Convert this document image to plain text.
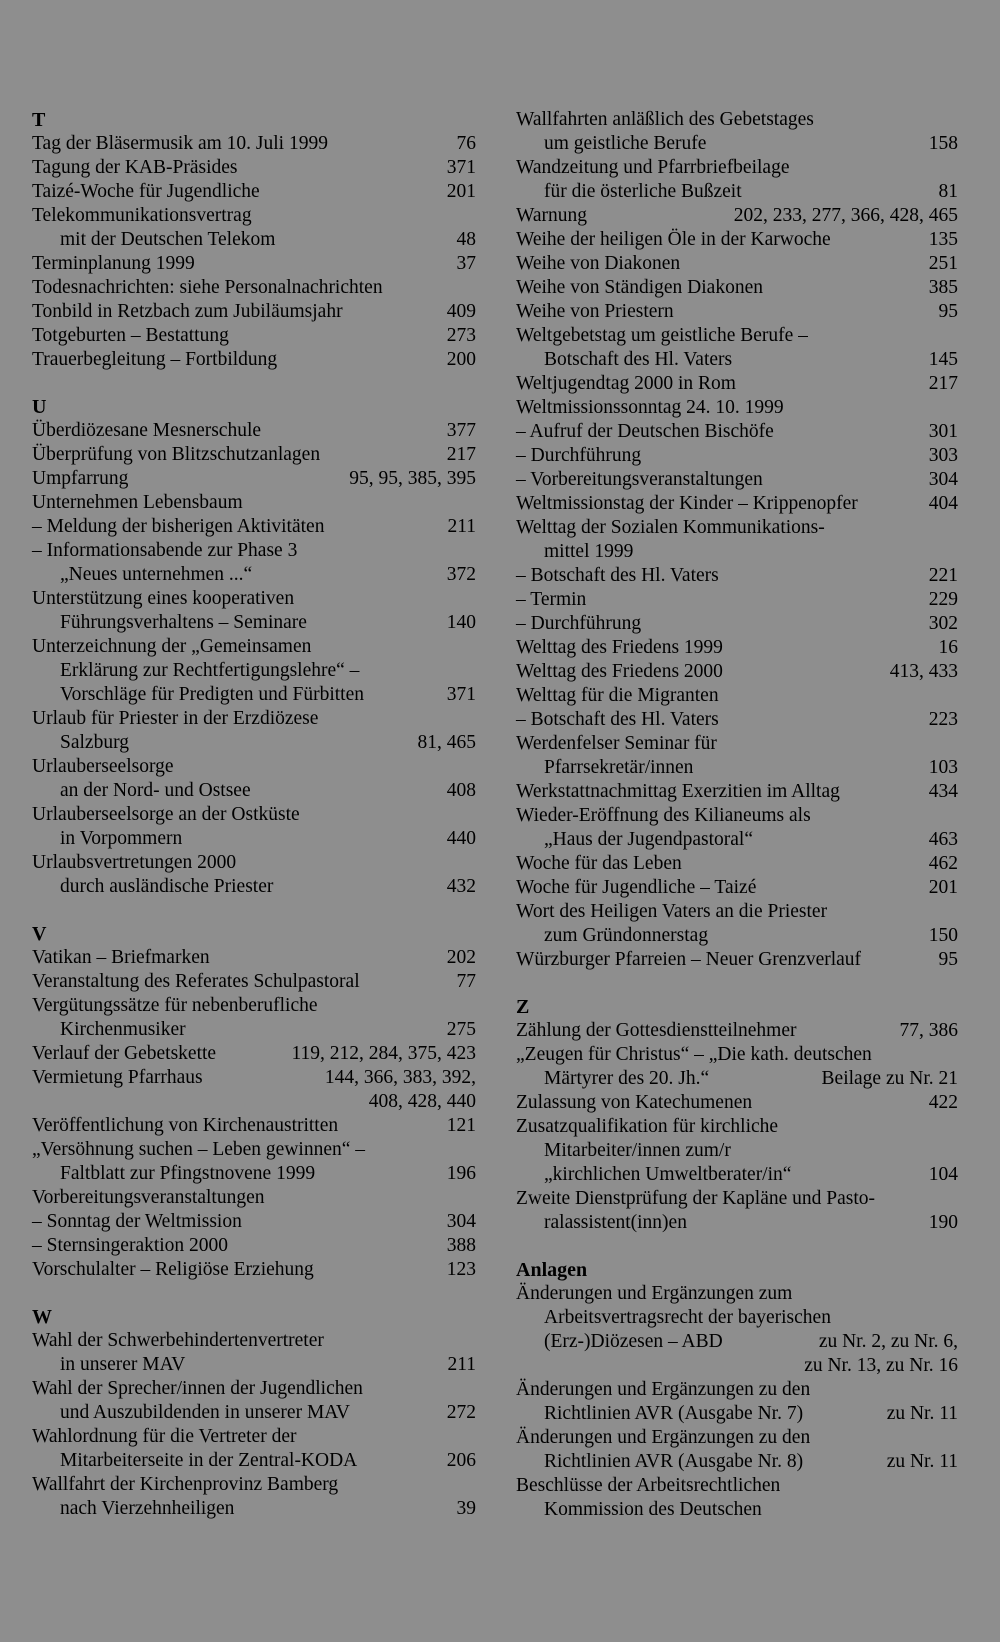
T
Tag der Bläsermusik am 10. Juli 1999	76
Tagung der KAB-Präsides	371
Taizé-Woche für Jugendliche	201
Telekommunikationsvertrag
mit der Deutschen Telekom	48
Terminplanung 1999	37
Todesnachrichten: siehe Personalnachrichten
Tonbild in Retzbach zum Jubiläumsjahr	409
Totgeburten – Bestattung	273
Trauerbegleitung – Fortbildung	200
U
Überdiözesane Mesnerschule	377
Überprüfung von Blitzschutzanlagen	217
Umpfarrung	95, 95, 385, 395
Unternehmen Lebensbaum
– Meldung der bisherigen Aktivitäten	211
– Informationsabende zur Phase 3
„Neues unternehmen ...“	372
Unterstützung eines kooperativen
Führungsverhaltens – Seminare	140
Unterzeichnung der „Gemeinsamen
Erklärung zur Rechtfertigungslehre“ –
Vorschläge für Predigten und Fürbitten	371
Urlaub für Priester in der Erzdiözese
Salzburg	81, 465
Urlauberseelsorge
an der Nord- und Ostsee	408
Urlauberseelsorge an der Ostküste
in Vorpommern	440
Urlaubsvertretungen 2000
durch ausländische Priester	432
V
Vatikan – Briefmarken	202
Veranstaltung des Referates Schulpastoral	77
Vergütungssätze für nebenberufliche
Kirchenmusiker	275
Verlauf der Gebetskette	119, 212, 284, 375, 423
Vermietung Pfarrhaus	144, 366, 383, 392,
408, 428, 440
Veröffentlichung von Kirchenaustritten	121
„Versöhnung suchen – Leben gewinnen“ –
Faltblatt zur Pfingstnovene 1999	196
Vorbereitungsveranstaltungen
– Sonntag der Weltmission	304
– Sternsingeraktion 2000	388
Vorschulalter – Religiöse Erziehung	123
W
Wahl der Schwerbehindertenvertreter
in unserer MAV	211
Wahl der Sprecher/innen der Jugendlichen
und Auszubildenden in unserer MAV	272
Wahlordnung für die Vertreter der
Mitarbeiterseite in der Zentral-KODA	206
Wallfahrt der Kirchenprovinz Bamberg
nach Vierzehnheiligen	39
Wallfahrten anläßlich des Gebetstages
um geistliche Berufe	158
Wandzeitung und Pfarrbriefbeilage
für die österliche Bußzeit	81
Warnung	202, 233, 277, 366, 428, 465
Weihe der heiligen Öle in der Karwoche	135
Weihe von Diakonen	251
Weihe von Ständigen Diakonen	385
Weihe von Priestern	95
Weltgebetstag um geistliche Berufe –
Botschaft des Hl. Vaters	145
Weltjugendtag 2000 in Rom	217
Weltmissionssonntag 24. 10. 1999
– Aufruf der Deutschen Bischöfe	301
– Durchführung	303
– Vorbereitungsveranstaltungen	304
Weltmissionstag der Kinder – Krippenopfer	404
Welttag der Sozialen Kommunikations-
mittel 1999
– Botschaft des Hl. Vaters	221
– Termin	229
– Durchführung	302
Welttag des Friedens 1999	16
Welttag des Friedens 2000	413, 433
Welttag für die Migranten
– Botschaft des Hl. Vaters	223
Werdenfelser Seminar für
Pfarrsekretär/innen	103
Werkstattnachmittag Exerzitien im Alltag	434
Wieder-Eröffnung des Kilianeums als
„Haus der Jugendpastoral“	463
Woche für das Leben	462
Woche für Jugendliche – Taizé	201
Wort des Heiligen Vaters an die Priester
zum Gründonnerstag	150
Würzburger Pfarreien – Neuer Grenzverlauf	95
Z
Zählung der Gottesdienstteilnehmer	77, 386
„Zeugen für Christus“ – „Die kath. deutschen
Märtyrer des 20. Jh.“	Beilage zu Nr. 21
Zulassung von Katechumenen	422
Zusatzqualifikation für kirchliche
Mitarbeiter/innen zum/r
„kirchlichen Umweltberater/in“	104
Zweite Dienstprüfung der Kapläne und Pasto-
ralassistent(inn)en	190
Anlagen
Änderungen und Ergänzungen zum
Arbeitsvertragsrecht der bayerischen
(Erz-)Diözesen – ABD	zu Nr. 2, zu Nr. 6,
zu Nr. 13, zu Nr. 16
Änderungen und Ergänzungen zu den
Richtlinien AVR (Ausgabe Nr. 7)	zu Nr. 11
Änderungen und Ergänzungen zu den
Richtlinien AVR (Ausgabe Nr. 8)	zu Nr. 11
Beschlüsse der Arbeitsrechtlichen
Kommission des Deutschen
